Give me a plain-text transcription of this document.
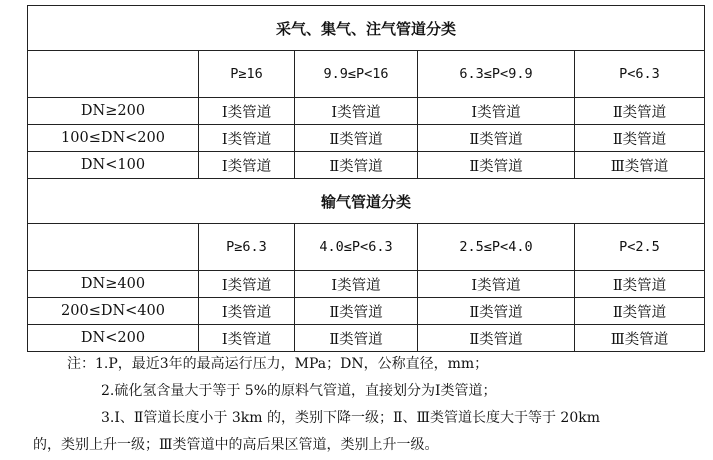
采气、集气、注气管道分类				
	P≥16	9.9≤P<16	6.3≤P<9.9	P<6.3
DN≥200	Ⅰ类管道	Ⅰ类管道	Ⅰ类管道	Ⅱ类管道
100≤DN<200	Ⅰ类管道	Ⅱ类管道	Ⅱ类管道	Ⅱ类管道
DN<100	Ⅰ类管道	Ⅱ类管道	Ⅱ类管道	Ⅲ类管道
输气管道分类				
	P≥6.3	4.0≤P<6.3	2.5≤P<4.0	P<2.5
DN≥400	Ⅰ类管道	Ⅰ类管道	Ⅰ类管道	Ⅱ类管道
200≤DN<400	Ⅰ类管道	Ⅱ类管道	Ⅱ类管道	Ⅱ类管道
DN<200	Ⅰ类管道	Ⅱ类管道	Ⅱ类管道	Ⅲ类管道
注：1.P，最近3年的最高运行压力，MPa；DN，公称直径，mm；
2.硫化氢含量大于等于 5%的原料气管道，直接划分为Ⅰ类管道；
3.Ⅰ、Ⅱ管道长度小于 3km 的，类别下降一级；Ⅱ、Ⅲ类管道长度大于等于 20km
的，类别上升一级；Ⅲ类管道中的高后果区管道，类别上升一级。
